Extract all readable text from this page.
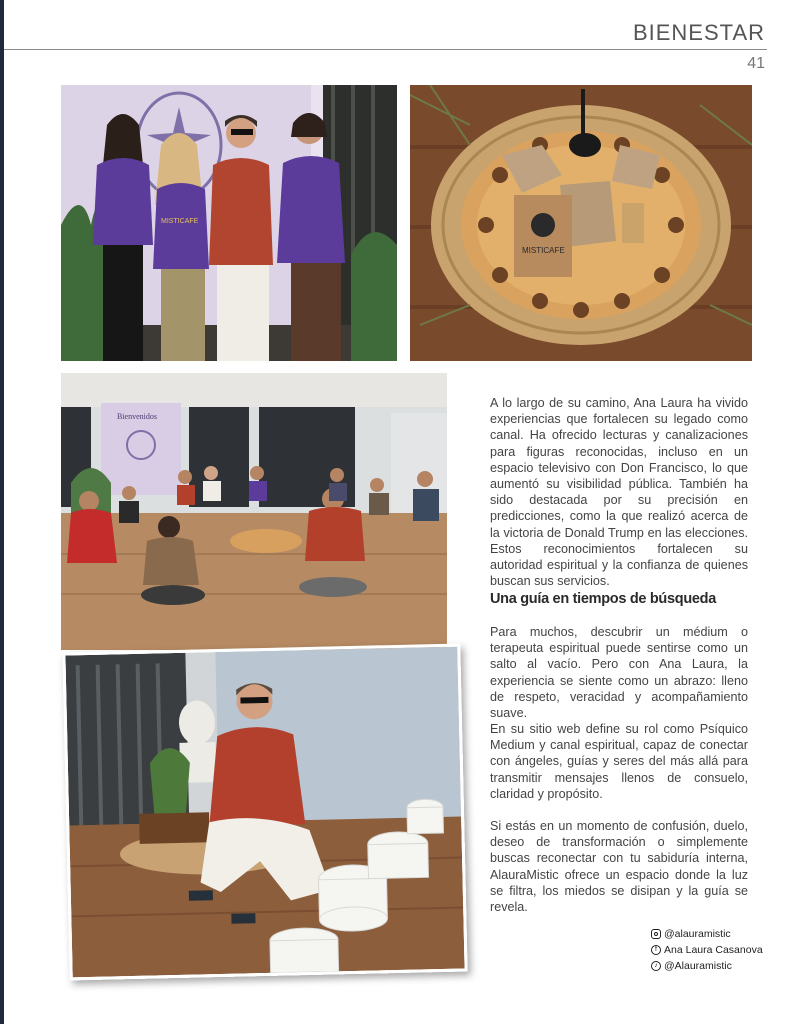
BIENESTAR
41
MISTICAFE
MISTICAFE
Bienvenidos

A lo largo de su camino, Ana Laura ha vivido experiencias que fortalecen su legado como canal. Ha ofrecido lecturas y canalizaciones para figuras reconocidas, incluso en un espacio televisivo con Don Francisco, lo que aumentó su visibilidad pública. También ha sido destacada por su precisión en predicciones, como la que realizó acerca de la victoria de Donald Trump en las elecciones. Estos reconocimientos fortalecen su autoridad espiritual y la confianza de quienes buscan sus servicios.

Una guía en tiempos de búsqueda

Para muchos, descubrir un médium o terapeuta espiritual puede sentirse como un salto al vacío. Pero con Ana Laura, la experiencia se siente como un abrazo: lleno de respeto, veracidad y acompañamiento suave.

En su sitio web define su rol como Psíquico Medium y canal espiritual, capaz de conectar con ángeles, guías y seres del más allá para transmitir mensajes llenos de consuelo, claridad y propósito.

Si estás en un momento de confusión, duelo, deseo de transformación o simplemente buscas reconectar con tu sabiduría interna, AlauraMistic ofrece un espacio donde la luz se filtra, los miedos se disipan y la guía se revela.

@alauramistic
f Ana Laura Casanova
♪ @Alauramistic
